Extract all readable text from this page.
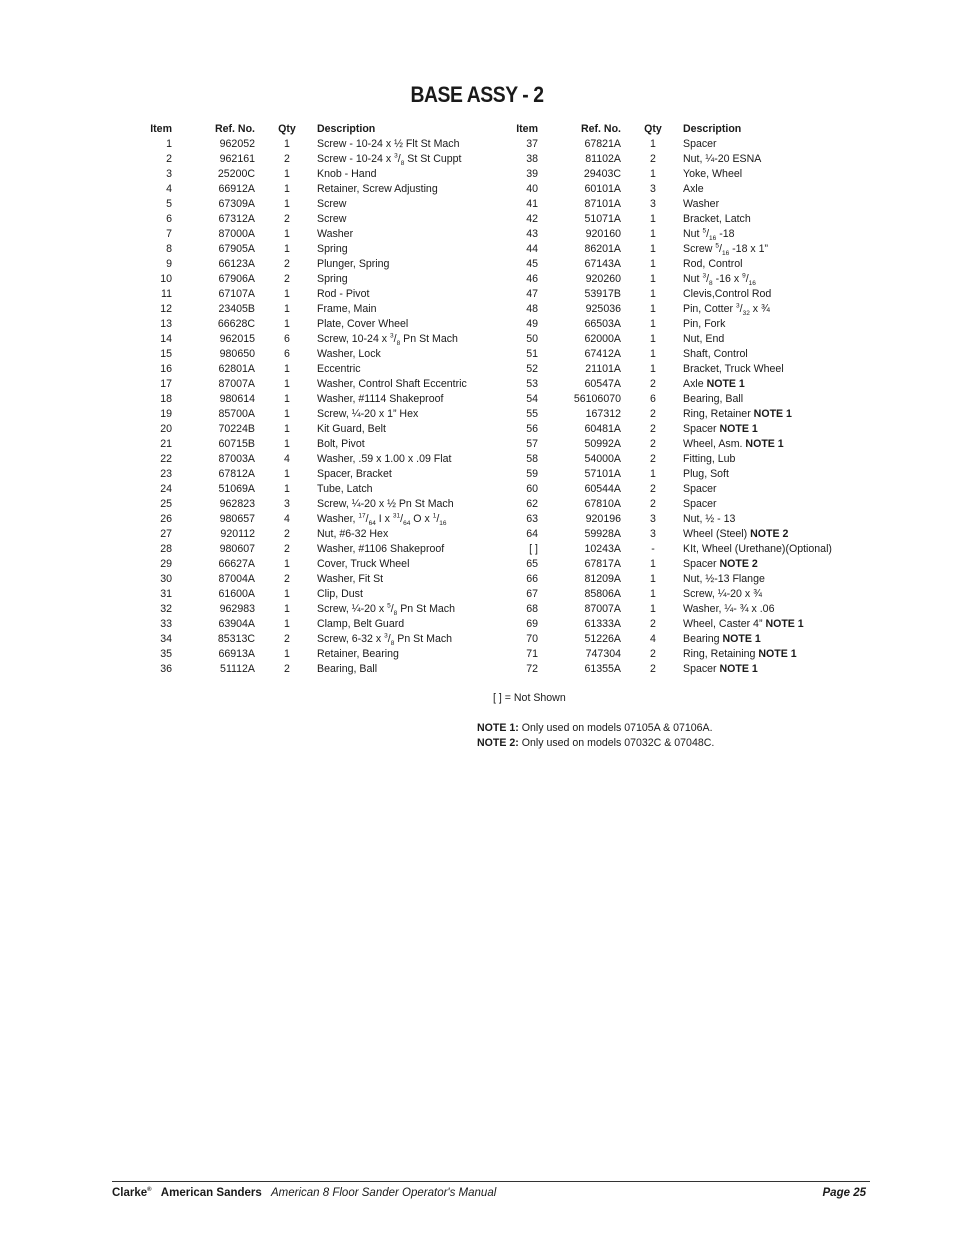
BASE ASSY - 2
Item	Ref. No.	Qty	Description
1	962052	1	Screw - 10-24 x ½ Flt St Mach
2	962161	2	Screw - 10-24 x $^3/_8$ St St Cuppt
3	25200C	1	Knob - Hand
4	66912A	1	Retainer, Screw Adjusting
5	67309A	1	Screw
6	67312A	2	Screw
7	87000A	1	Washer
8	67905A	1	Spring
9	66123A	2	Plunger, Spring
10	67906A	2	Spring
11	67107A	1	Rod - Pivot
12	23405B	1	Frame, Main
13	66628C	1	Plate, Cover Wheel
14	962015	6	Screw, 10-24 x $^3/_8$ Pn St Mach
15	980650	6	Washer, Lock
16	62801A	1	Eccentric
17	87007A	1	Washer, Control Shaft Eccentric
18	980614	1	Washer, #1114 Shakeproof
19	85700A	1	Screw, ¼-20 x 1” Hex
20	70224B	1	Kit Guard, Belt
21	60715B	1	Bolt, Pivot
22	87003A	4	Washer, .59 x 1.00 x .09 Flat
23	67812A	1	Spacer, Bracket
24	51069A	1	Tube, Latch
25	962823	3	Screw, ¼-20 x ½ Pn St Mach
26	980657	4	Washer, $^{17}/_{64}$ I x $^{31}/_{64}$ O x $^1/_{16}$
27	920112	2	Nut, #6-32 Hex
28	980607	2	Washer, #1106 Shakeproof
29	66627A	1	Cover, Truck Wheel
30	87004A	2	Washer, Fit St
31	61600A	1	Clip, Dust
32	962983	1	Screw, ¼-20 x $^5/_8$ Pn St Mach
33	63904A	1	Clamp, Belt Guard
34	85313C	2	Screw, 6-32 x $^3/_8$ Pn St Mach
35	66913A	1	Retainer, Bearing
36	51112A	2	Bearing, Ball
Item	Ref. No.	Qty	Description
37	67821A	1	Spacer
38	81102A	2	Nut, ¼-20 ESNA
39	29403C	1	Yoke, Wheel
40	60101A	3	Axle
41	87101A	3	Washer
42	51071A	1	Bracket, Latch
43	920160	1	Nut $^5/_{16}$ -18
44	86201A	1	Screw $^5/_{16}$ -18 x 1”
45	67143A	1	Rod, Control
46	920260	1	Nut $^3/_8$ -16 x $^9/_{16}$
47	53917B	1	Clevis,Control Rod
48	925036	1	Pin, Cotter $^3/_{32}$ x ¾
49	66503A	1	Pin, Fork
50	62000A	1	Nut, End
51	67412A	1	Shaft, Control
52	21101A	1	Bracket, Truck Wheel
53	60547A	2	Axle NOTE 1
54	56106070	6	Bearing, Ball
55	167312	2	Ring, Retainer NOTE 1
56	60481A	2	Spacer NOTE 1
57	50992A	2	Wheel, Asm. NOTE 1
58	54000A	2	Fitting, Lub
59	57101A	1	Plug, Soft
60	60544A	2	Spacer
62	67810A	2	Spacer
63	920196	3	Nut, ½ - 13
64	59928A	3	Wheel (Steel) NOTE 2
[ ]	10243A	-	KIt, Wheel (Urethane)(Optional)
65	67817A	1	Spacer NOTE 2
66	81209A	1	Nut, ½-13 Flange
67	85806A	1	Screw, ¼-20 x ¾
68	87007A	1	Washer, ¼- ¾ x .06
69	61333A	2	Wheel, Caster 4” NOTE 1
70	51226A	4	Bearing NOTE 1
71	747304	2	Ring, Retaining NOTE 1
72	61355A	2	Spacer NOTE 1
[ ] = Not Shown
NOTE 1: Only used on models 07105A & 07106A.
NOTE 2: Only used on models 07032C & 07048C.
Clarke® American Sanders American 8 Floor Sander Operator's Manual	Page 25
